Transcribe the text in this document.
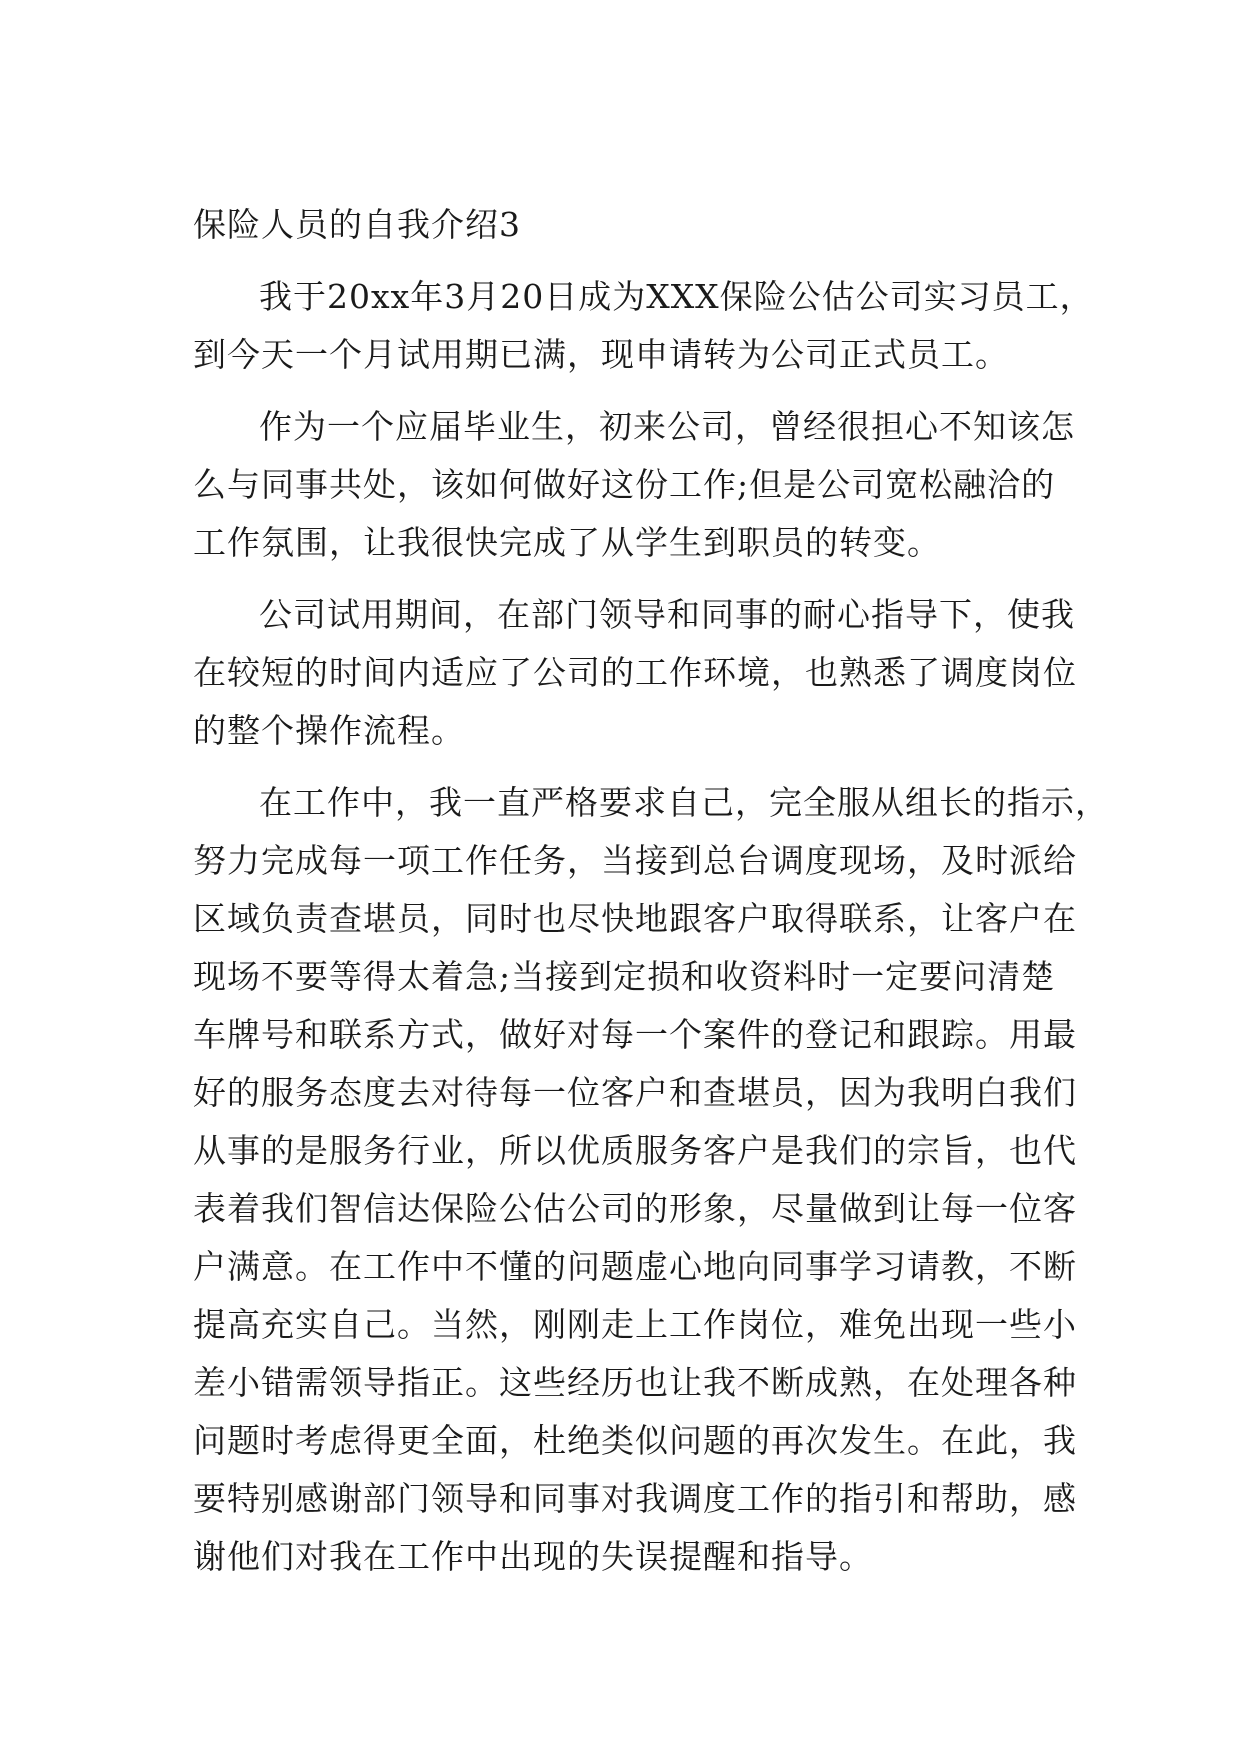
保险人员的自我介绍3
我于20xx年3月20日成为XXX保险公估公司实习员工，
到今天一个月试用期已满，现申请转为公司正式员工。
作为一个应届毕业生，初来公司，曾经很担心不知该怎
么与同事共处，该如何做好这份工作;但是公司宽松融洽的
工作氛围，让我很快完成了从学生到职员的转变。
公司试用期间，在部门领导和同事的耐心指导下，使我
在较短的时间内适应了公司的工作环境，也熟悉了调度岗位
的整个操作流程。
在工作中，我一直严格要求自己，完全服从组长的指示，
努力完成每一项工作任务，当接到总台调度现场，及时派给
区域负责查堪员，同时也尽快地跟客户取得联系，让客户在
现场不要等得太着急;当接到定损和收资料时一定要问清楚
车牌号和联系方式，做好对每一个案件的登记和跟踪。用最
好的服务态度去对待每一位客户和查堪员，因为我明白我们
从事的是服务行业，所以优质服务客户是我们的宗旨，也代
表着我们智信达保险公估公司的形象，尽量做到让每一位客
户满意。在工作中不懂的问题虚心地向同事学习请教，不断
提高充实自己。当然，刚刚走上工作岗位，难免出现一些小
差小错需领导指正。这些经历也让我不断成熟，在处理各种
问题时考虑得更全面，杜绝类似问题的再次发生。在此，我
要特别感谢部门领导和同事对我调度工作的指引和帮助，感
谢他们对我在工作中出现的失误提醒和指导。
